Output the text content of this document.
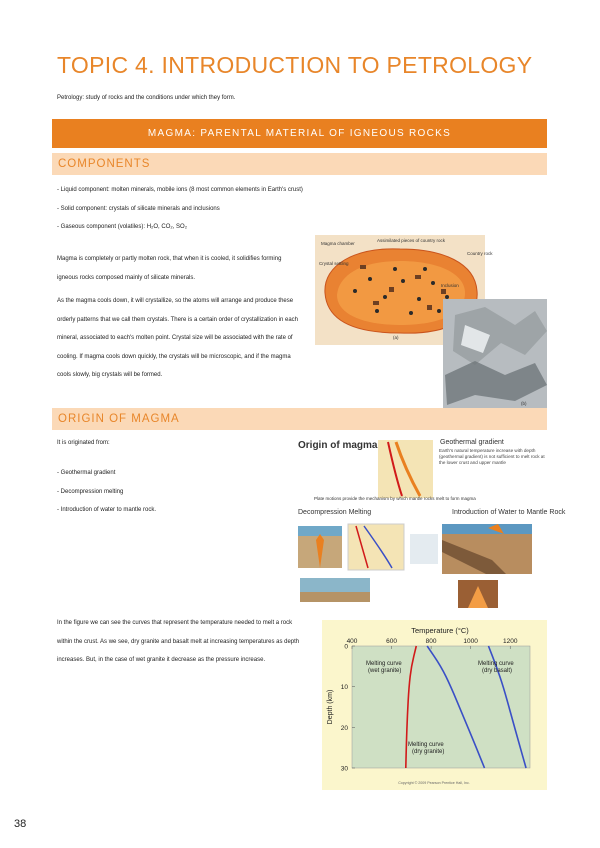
TOPIC 4. INTRODUCTION TO PETROLOGY
Petrology: study of rocks and the conditions under which they form.
MAGMA: PARENTAL MATERIAL OF IGNEOUS ROCKS
COMPONENTS
- Liquid component: molten minerals, mobile ions (8 most common elements in Earth's crust)
- Solid component: crystals of silicate minerals and inclusions
- Gaseous component (volatiles): H₂O, CO₂, SO₂
Magma is completely or partly molten rock, that when it is cooled, it solidifies forming igneous rocks composed mainly of silicate minerals.
As the magma cools down, it will crystallize, so the atoms will arrange and produce these orderly patterns that we call them crystals. There is a certain order of crystallization in each mineral, associated to each's molten point. Crystal size will be associated with the rate of cooling. If magma cools down quickly, the crystals will be microscopic, and if the magma cools slowly, big crystals will be formed.
Magma chamber
Assimilated pieces of country rock
Country rock
Crystal settling
Inclusion
(a)
(b)
ORIGIN OF MAGMA
It is originated from:
- Geothermal gradient
- Decompression melting
- Introduction of water to mantle rock.
Origin of magma	Geothermal gradient
Earth's natural temperature increase with depth (geothermal gradient) is not sufficient to melt rock at the lower crust and upper mantle
Plate motions provide the mechanism by which mantle rocks melt to form magma
Decompression Melting	Introduction of Water to Mantle Rock
In the figure we can see the curves that represent the temperature needed to melt a rock within the crust. As we see, dry granite and basalt melt at increasing temperatures as depth increases. But, in the case of wet granite it decrease as the pressure increase.
Temperature (°C)
Depth (km)
400	600	800	1000	1200
0
10
20
30
Melting curve (wet granite)
Melting curve (dry basalt)
Melting curve (dry granite)
Copyright © 2009 Pearson Prentice Hall, Inc.
38
